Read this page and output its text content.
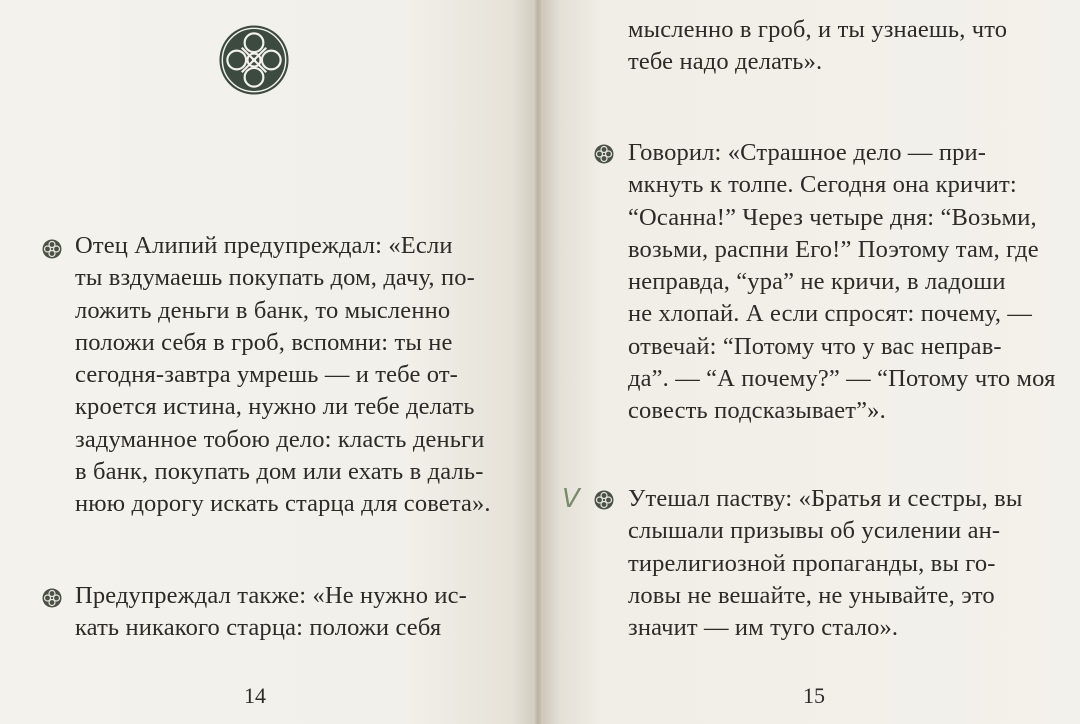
Отец Алипий предупреждал: «Если
ты вздумаешь покупать дом, дачу, по-
ложить деньги в банк, то мысленно
положи себя в гроб, вспомни: ты не
сегодня-завтра умрешь — и тебе от-
кроется истина, нужно ли тебе делать
задуманное тобою дело: класть деньги
в банк, покупать дом или ехать в даль-
нюю дорогу искать старца для совета».
Предупреждал также: «Не нужно ис-
кать никакого старца: положи себя
14
мысленно в гроб, и ты узнаешь, что
тебе надо делать».
Говорил: «Страшное дело — при-
мкнуть к толпе. Сегодня она кричит:
“Осанна!” Через четыре дня: “Возьми,
возьми, распни Его!” Поэтому там, где
неправда, “ура” не кричи, в ладоши
не хлопай. А если спросят: почему, —
отвечай: “Потому что у вас неправ-
да”. — “А почему?” — “Потому что моя
совесть подсказывает”».
V Утешал паству: «Братья и сестры, вы
слышали призывы об усилении ан-
тирелигиозной пропаганды, вы го-
ловы не вешайте, не унывайте, это
значит — им туго стало».
15
